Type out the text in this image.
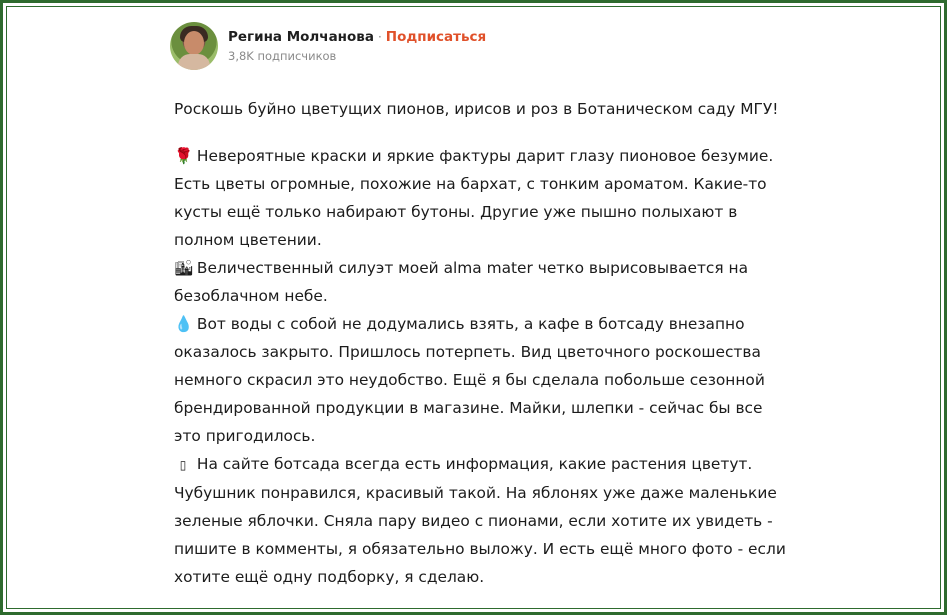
Регина Молчанова · Подписаться
3,8K подписчиков

Роскошь буйно цветущих пионов, ирисов и роз в Ботаническом саду МГУ!

🌹 Невероятные краски и яркие фактуры дарит глазу пионовое безумие. Есть цветы огромные, похожие на бархат, с тонким ароматом. Какие-то кусты ещё только набирают бутоны. Другие уже пышно полыхают в полном цветении.

🏙 Величественный силуэт моей alma mater четко вырисовывается на безоблачном небе.

💧 Вот воды с собой не додумались взять, а кафе в ботсаду внезапно оказалось закрыто. Пришлось потерпеть. Вид цветочного роскошества немного скрасил это неудобство. Ещё я бы сделала побольше сезонной брендированной продукции в магазине. Майки, шлепки - сейчас бы все это пригодилось.

▯ На сайте ботсада всегда есть информация, какие растения цветут. Чубушник понравился, красивый такой. На яблонях уже даже маленькие зеленые яблочки. Сняла пару видео с пионами, если хотите их увидеть - пишите в комменты, я обязательно выложу. И есть ещё много фото - если хотите ещё одну подборку, я сделаю.
